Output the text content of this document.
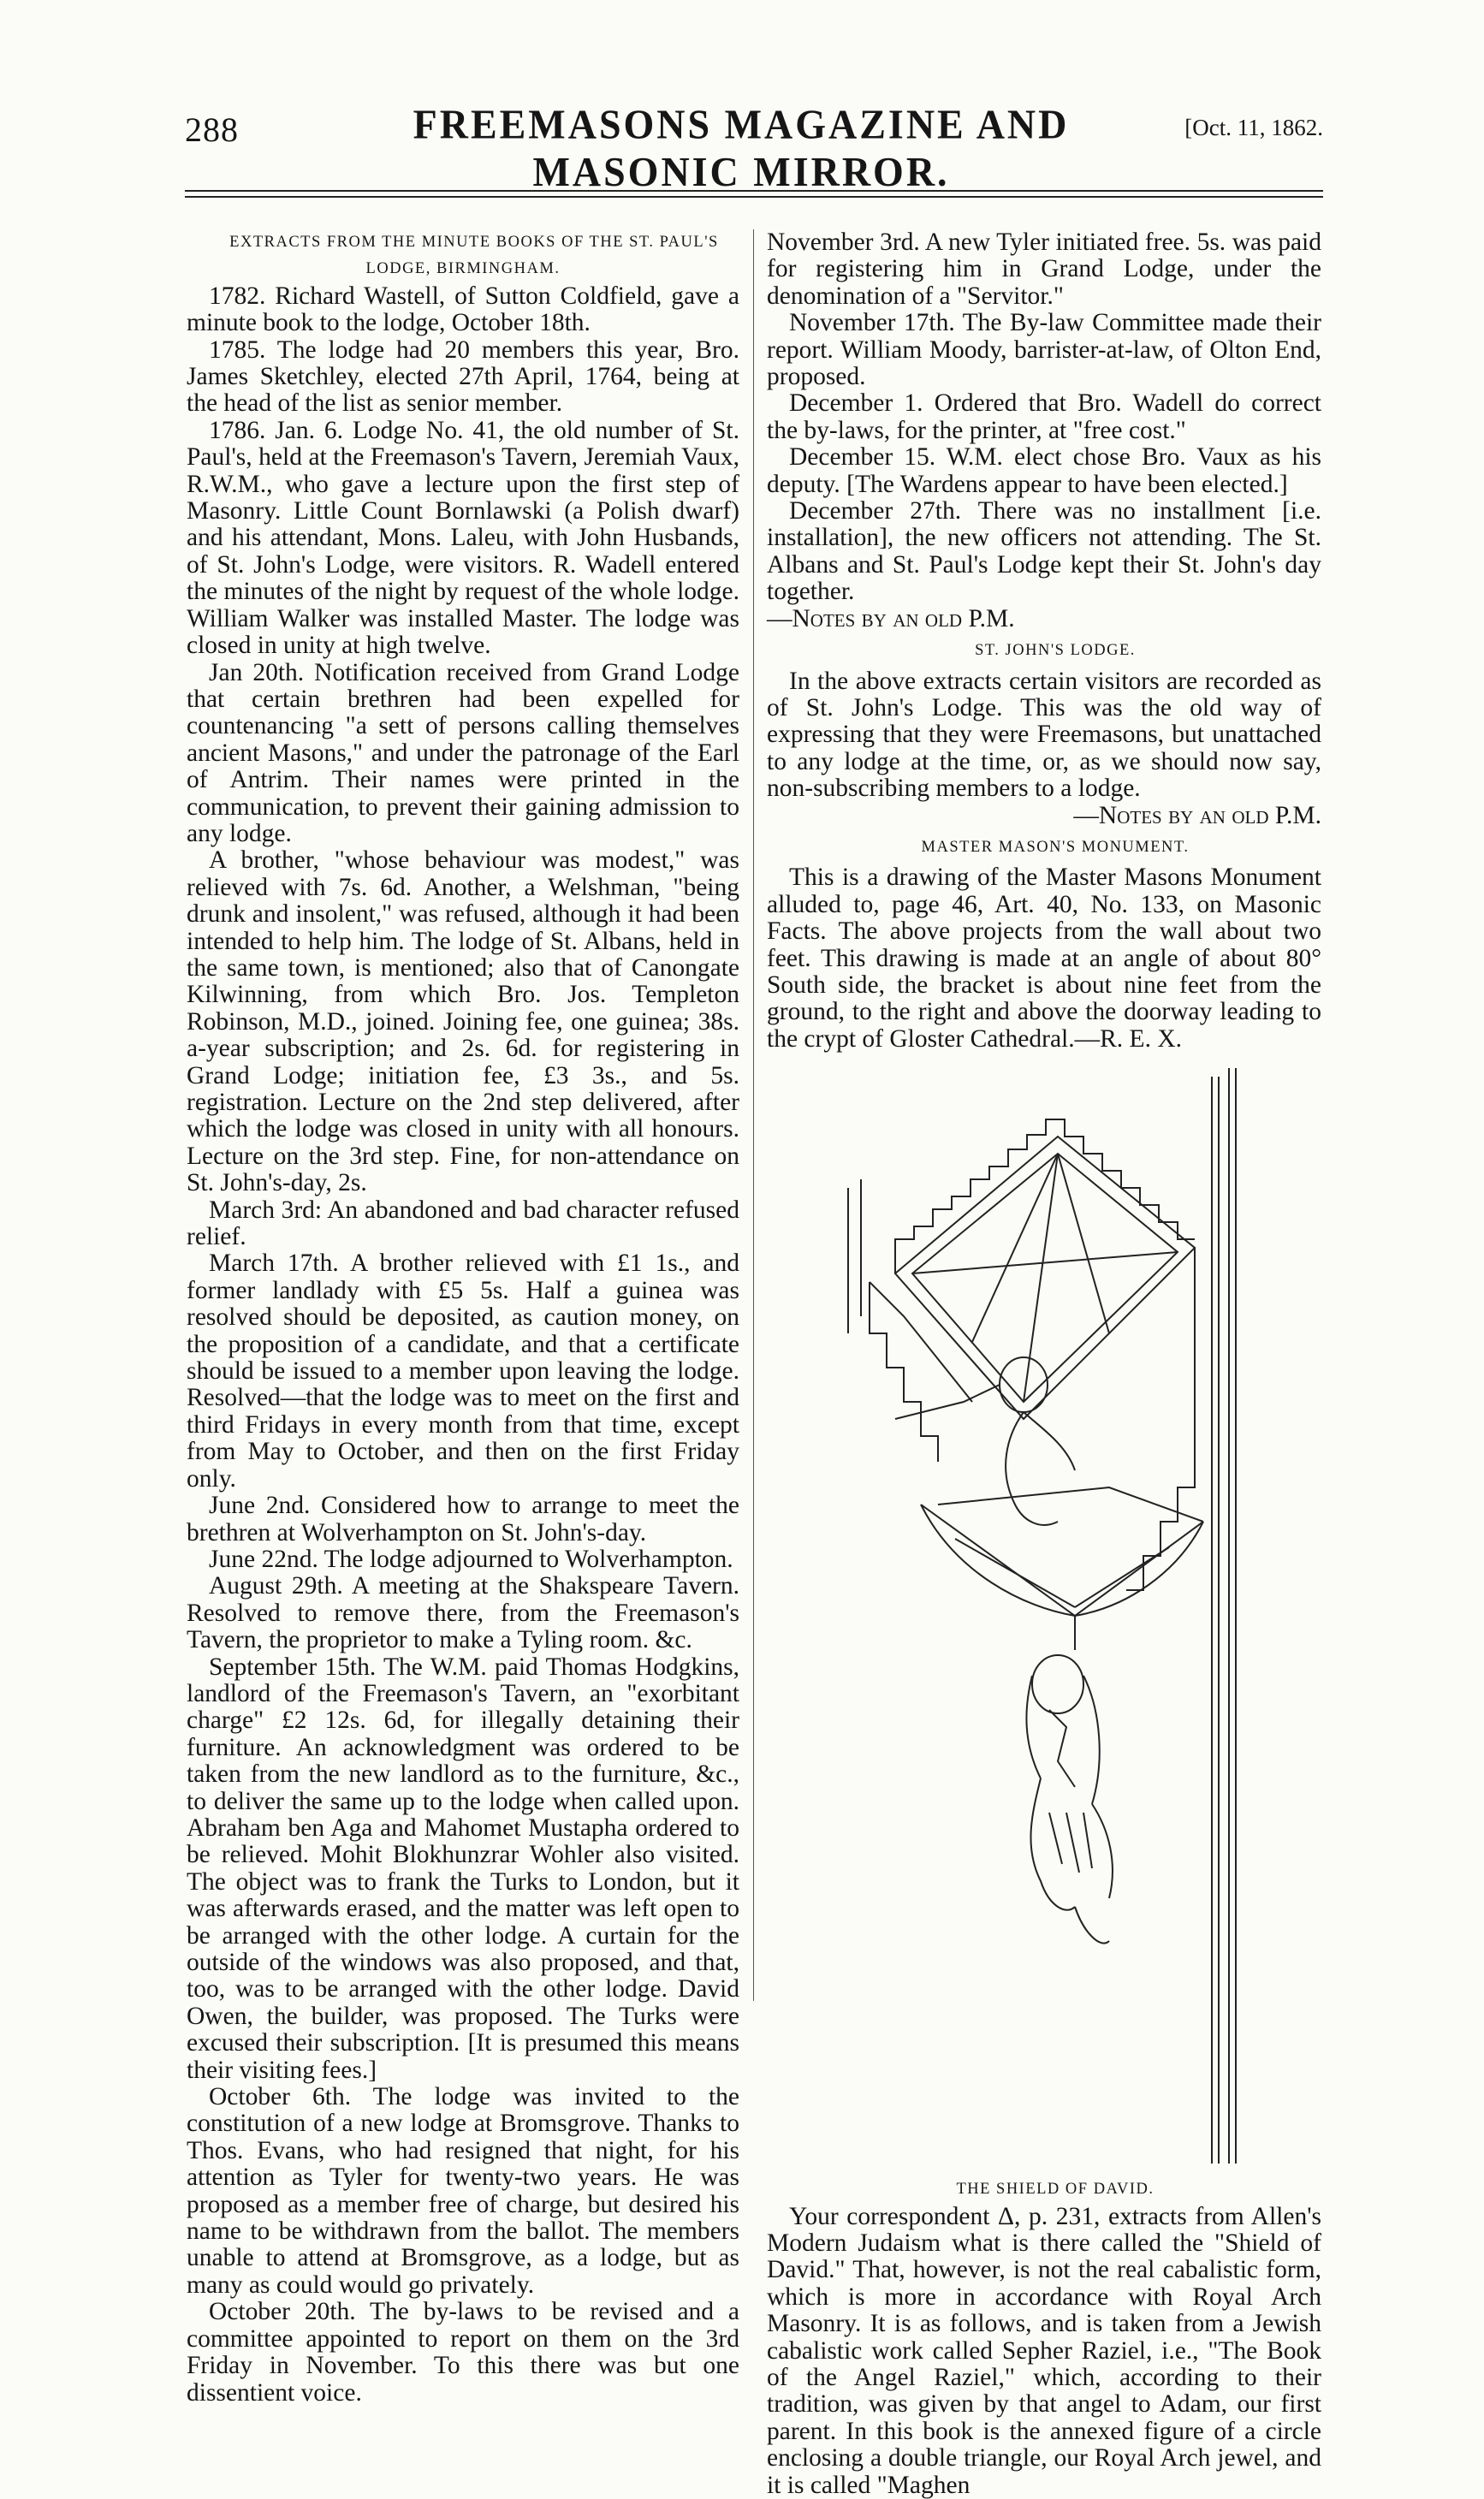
288	FREEMASONS MAGAZINE AND MASONIC MIRROR.
[Oct. 11, 1862.

EXTRACTS FROM THE MINUTE BOOKS OF THE ST. PAUL'S LODGE, BIRMINGHAM.

1782. Richard Wastell, of Sutton Coldfield, gave a minute book to the lodge, October 18th.

1785. The lodge had 20 members this year, Bro. James Sketchley, elected 27th April, 1764, being at the head of the list as senior member.

1786. Jan. 6. Lodge No. 41, the old number of St. Paul's, held at the Freemason's Tavern, Jeremiah Vaux, R.W.M., who gave a lecture upon the first step of Masonry. Little Count Bornlawski (a Polish dwarf) and his attendant, Mons. Laleu, with John Husbands, of St. John's Lodge, were visitors. R. Wadell entered the minutes of the night by request of the whole lodge. William Walker was installed Master. The lodge was closed in unity at high twelve.

Jan 20th. Notification received from Grand Lodge that certain brethren had been expelled for countenancing "a sett of persons calling themselves ancient Masons," and under the patronage of the Earl of Antrim. Their names were printed in the communication, to prevent their gaining admission to any lodge.

A brother, "whose behaviour was modest," was relieved with 7s. 6d. Another, a Welshman, "being drunk and insolent," was refused, although it had been intended to help him. The lodge of St. Albans, held in the same town, is mentioned; also that of Canongate Kilwinning, from which Bro. Jos. Templeton Robinson, M.D., joined. Joining fee, one guinea; 38s. a-year subscription; and 2s. 6d. for registering in Grand Lodge; initiation fee, £3 3s., and 5s. registration. Lecture on the 2nd step delivered, after which the lodge was closed in unity with all honours. Lecture on the 3rd step. Fine, for non-attendance on St. John's-day, 2s.

March 3rd: An abandoned and bad character refused relief.

March 17th. A brother relieved with £1 1s., and former landlady with £5 5s. Half a guinea was resolved should be deposited, as caution money, on the proposition of a candidate, and that a certificate should be issued to a member upon leaving the lodge. Resolved—that the lodge was to meet on the first and third Fridays in every month from that time, except from May to October, and then on the first Friday only.

June 2nd. Considered how to arrange to meet the brethren at Wolverhampton on St. John's-day.

June 22nd. The lodge adjourned to Wolverhampton.

August 29th. A meeting at the Shakspeare Tavern. Resolved to remove there, from the Freemason's Tavern, the proprietor to make a Tyling room. &c.

September 15th. The W.M. paid Thomas Hodgkins, landlord of the Freemason's Tavern, an "exorbitant charge" £2 12s. 6d, for illegally detaining their furniture. An acknowledgment was ordered to be taken from the new landlord as to the furniture, &c., to deliver the same up to the lodge when called upon. Abraham ben Aga and Mahomet Mustapha ordered to be relieved. Mohit Blokhunzrar Wohler also visited. The object was to frank the Turks to London, but it was afterwards erased, and the matter was left open to be arranged with the other lodge. A curtain for the outside of the windows was also proposed, and that, too, was to be arranged with the other lodge. David Owen, the builder, was proposed. The Turks were excused their subscription. [It is presumed this means their visiting fees.]

October 6th. The lodge was invited to the constitution of a new lodge at Bromsgrove. Thanks to Thos. Evans, who had resigned that night, for his attention as Tyler for twenty-two years. He was proposed as a member free of charge, but desired his name to be withdrawn from the ballot. The members unable to attend at Bromsgrove, as a lodge, but as many as could would go privately.

October 20th. The by-laws to be revised and a committee appointed to report on them on the 3rd Friday in November. To this there was but one dissentient voice.

November 3rd. A new Tyler initiated free. 5s. was paid for registering him in Grand Lodge, under the denomination of a "Servitor."

November 17th. The By-law Committee made their report. William Moody, barrister-at-law, of Olton End, proposed.

December 1. Ordered that Bro. Wadell do correct the by-laws, for the printer, at "free cost."

December 15. W.M. elect chose Bro. Vaux as his deputy. [The Wardens appear to have been elected.]

December 27th. There was no installment [i.e. installation], the new officers not attending. The St. Albans and St. Paul's Lodge kept their St. John's day together.

—Notes by an old P.M.

ST. JOHN'S LODGE.

In the above extracts certain visitors are recorded as of St. John's Lodge. This was the old way of expressing that they were Freemasons, but unattached to any lodge at the time, or, as we should now say, non-subscribing members to a lodge.

—Notes by an old P.M.

MASTER MASON'S MONUMENT.

This is a drawing of the Master Masons Monument alluded to, page 46, Art. 40, No. 133, on Masonic Facts. The above projects from the wall about two feet. This drawing is made at an angle of about 80° South side, the bracket is about nine feet from the ground, to the right and above the doorway leading to the crypt of Gloster Cathedral.—R. E. X.

THE SHIELD OF DAVID.

Your correspondent Δ, p. 231, extracts from Allen's Modern Judaism what is there called the "Shield of David." That, however, is not the real cabalistic form, which is more in accordance with Royal Arch Masonry. It is as follows, and is taken from a Jewish cabalistic work called Sepher Raziel, i.e., "The Book of the Angel Raziel," which, according to their tradition, was given by that angel to Adam, our first parent. In this book is the annexed figure of a circle enclosing a double triangle, our Royal Arch jewel, and it is called "Maghen
